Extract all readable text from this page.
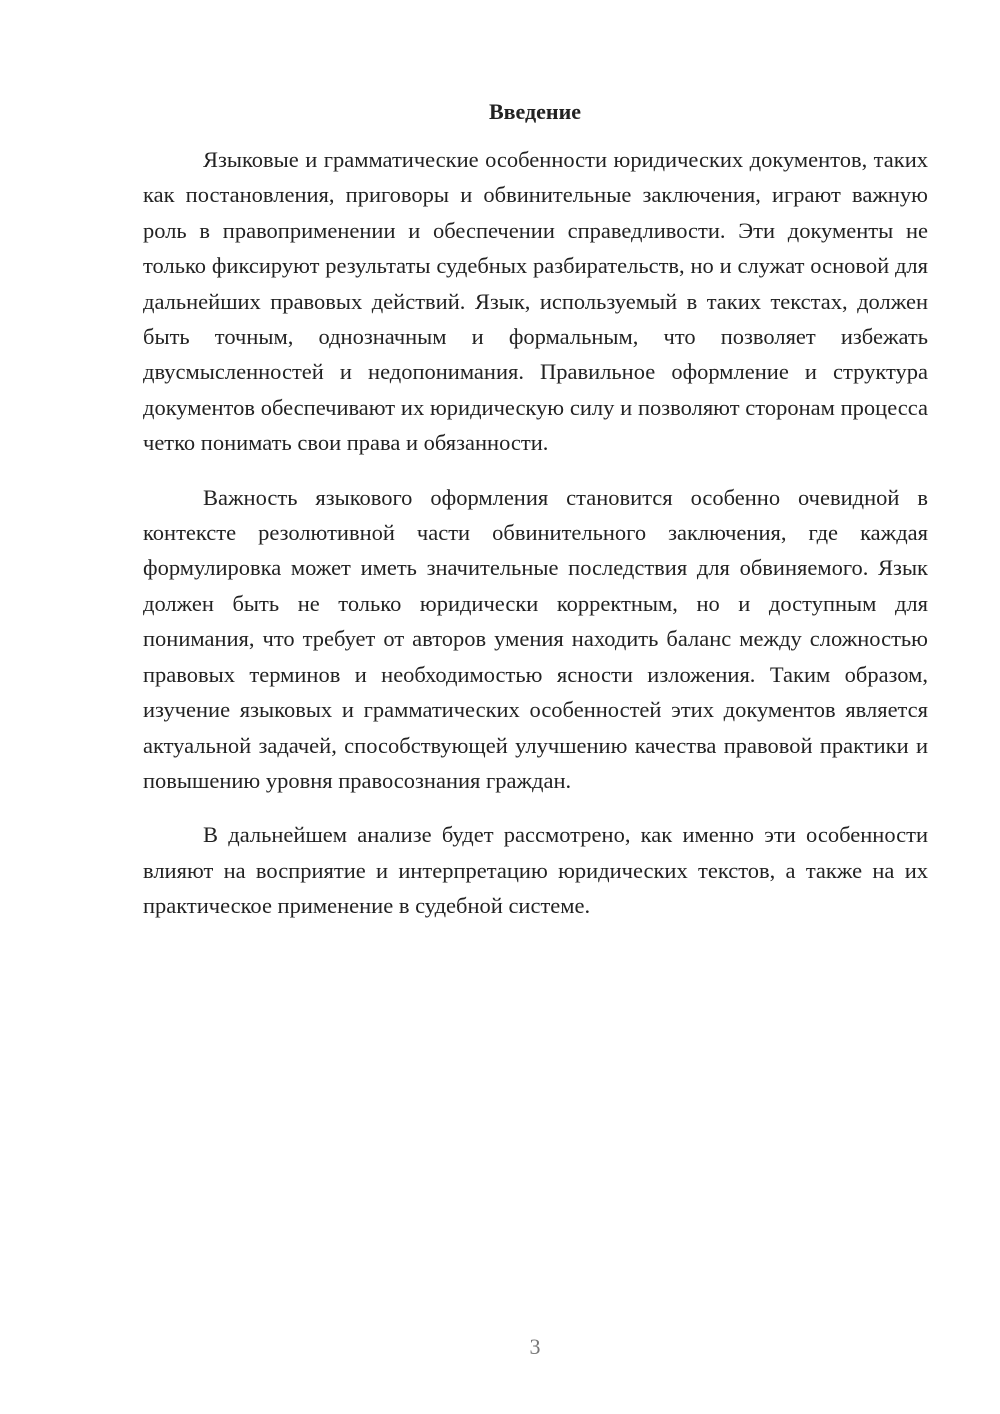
Введение

Языковые и грамматические особенности юридических документов, таких как постановления, приговоры и обвинительные заключения, играют важную роль в правоприменении и обеспечении справедливости. Эти документы не только фиксируют результаты судебных разбирательств, но и служат основой для дальнейших правовых действий. Язык, используемый в таких текстах, должен быть точным, однозначным и формальным, что позволяет избежать двусмысленностей и недопонимания. Правильное оформление и структура документов обеспечивают их юридическую силу и позволяют сторонам процесса четко понимать свои права и обязанности.

Важность языкового оформления становится особенно очевидной в контексте резолютивной части обвинительного заключения, где каждая формулировка может иметь значительные последствия для обвиняемого. Язык должен быть не только юридически корректным, но и доступным для понимания, что требует от авторов умения находить баланс между сложностью правовых терминов и необходимостью ясности изложения. Таким образом, изучение языковых и грамматических особенностей этих документов является актуальной задачей, способствующей улучшению качества правовой практики и повышению уровня правосознания граждан.

В дальнейшем анализе будет рассмотрено, как именно эти особенности влияют на восприятие и интерпретацию юридических текстов, а также на их практическое применение в судебной системе.

3
